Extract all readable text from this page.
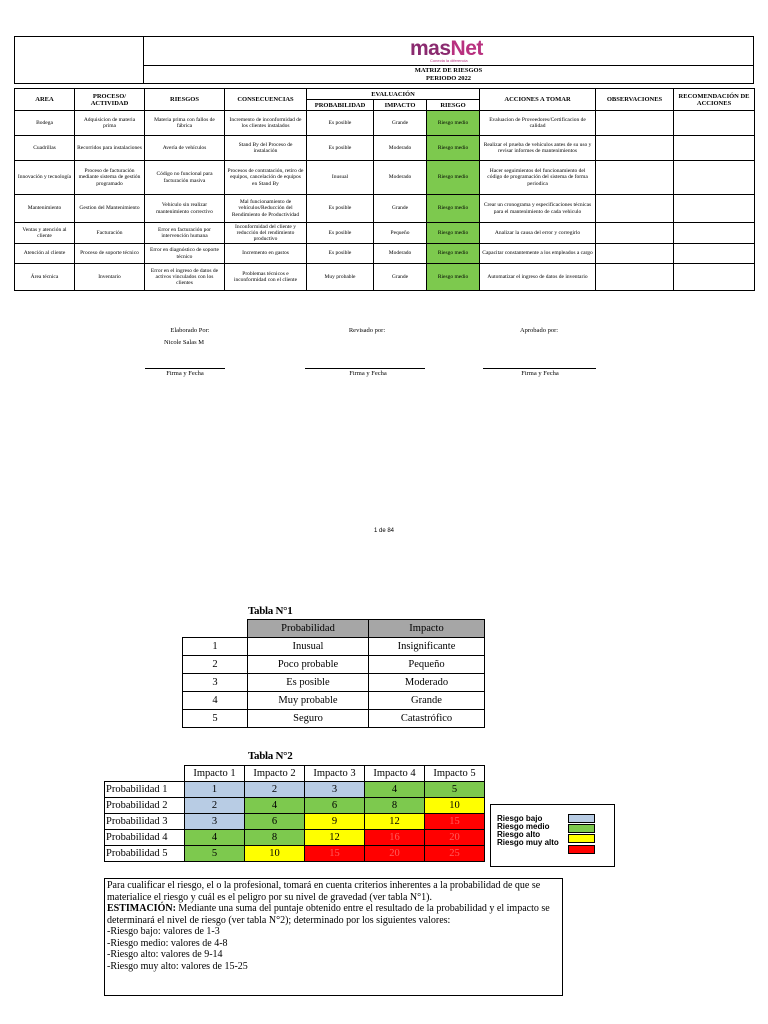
masNet
Conecta la diferencia

MATRIZ DE RIESGOS
PERIODO 2022
AREA	PROCESO/ ACTIVIDAD	RIESGOS	CONSECUENCIAS	EVALUACIÓN			ACCIONES A TOMAR	OBSERVACIONES	RECOMENDACIÓN DE ACCIONES
				PROBABILIDAD	IMPACTO	RIESGO			
Bodega	Adquisicion de materia prima	Materia prima con fallos de fábrica	Incremento de inconformidad de los clientes instalados	Es posible	Grande	Riesgo medio	Evaluacion de Proveedores/Certificacion de calidad		
Cuadrillas	Recorridos para instalaciones	Avería de vehículos	Stand By del Proceso de instalación	Es posible	Moderado	Riesgo medio	Realizar el prueba de vehículos antes de su uso y revisar informes de mantenimientos		
Innovación y tecnología	Proceso de facturación mediante sistema de gestión programado	Código no funcional para facturación masiva	Procesos de contratación, retiro de equipos, cancelación de equipos en Stand By	Inusual	Moderado	Riesgo medio	Hacer seguimientos del funcionamiento del código de programación del sistema de forma periodica		
Mantenimiento	Gestion del Mantenimiento	Vehiculo sin realizar mantenimiento correctivo	Mal funcionamiento de vehículos/Reducción del Rendimiento de Productividad	Es posible	Grande	Riesgo medio	Crear un cronograma y especificaciones técnicas para el mantenimiento de cada vehiculo		
Ventas y atención al cliente	Facturación	Error en facturación por intervención humana	Inconformidad del cliente y reducción del rendimiento productivo	Es posible	Pequeño	Riesgo medio	Analizar la causa del error y corregirlo		
Atención al cliente	Proceso de soporte técnico	Error en diagnóstico de soporte técnico	Incremento en gastos	Es posible	Moderado	Riesgo medio	Capacitar constantemente a los empleados a cargo		
Área técnica	Inventario	Error en el ingreso de datos de activos vinculados con los clientes	Problemas técnicos e inconformidad con el cliente	Muy probable	Grande	Riesgo medio	Automatizar el ingreso de datos de inventario		
Elaborado Por:
Nicole Salas M
Revisado por:	Aprobado por:
Firma y Fecha	Firma y Fecha	Firma y Fecha
1 de 84
Tabla N°1
	Probabilidad	Impacto
1	Inusual	Insignificante
2	Poco probable	Pequeño
3	Es posible	Moderado
4	Muy probable	Grande
5	Seguro	Catastrófico
Tabla N°2
	Impacto 1	Impacto 2	Impacto 3	Impacto 4	Impacto 5
Probabilidad 1	1	2	3	4	5
Probabilidad 2	2	4	6	8	10
Probabilidad 3	3	6	9	12	15
Probabilidad 4	4	8	12	16	20
Probabilidad 5	5	10	15	20	25
Riesgo bajo
Riesgo medio
Riesgo alto
Riesgo muy alto
Para cualificar el riesgo, el o la profesional, tomará en cuenta criterios inherentes a la probabilidad de que se materialice el riesgo y cuál es el peligro por su nivel de gravedad (ver tabla N°1).
ESTIMACIÓN: Mediante una suma del puntaje obtenido entre el resultado de la probabilidad y el impacto se determinará el nivel de riesgo (ver tabla N°2); determinado por los siguientes valores:
-Riesgo bajo: valores de 1-3
-Riesgo medio: valores de 4-8
-Riesgo alto: valores de 9-14
-Riesgo muy alto: valores de 15-25
